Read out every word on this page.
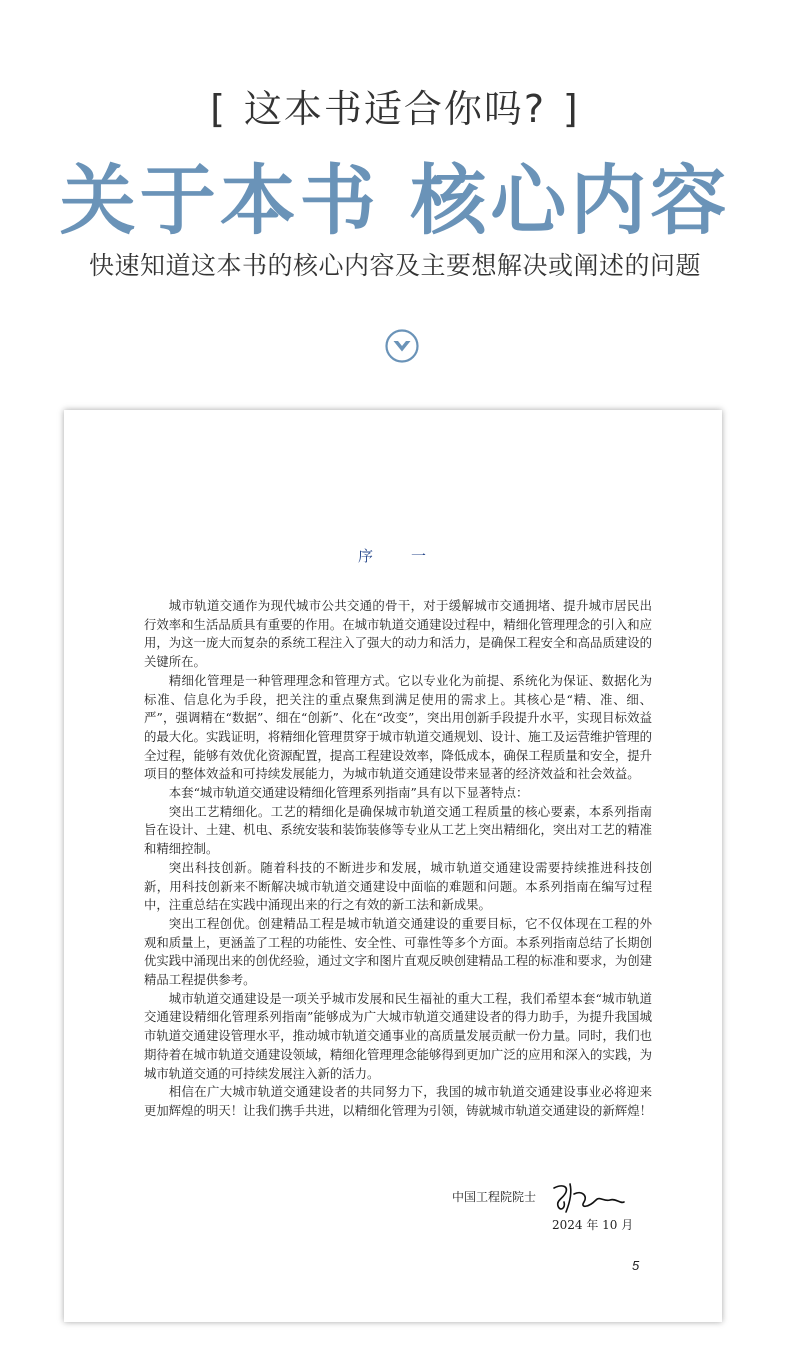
[ 这本书适合你吗? ]
关于本书 核心内容
快速知道这本书的核心内容及主要想解决或阐述的问题
序 一

城市轨道交通作为现代城市公共交通的骨干，对于缓解城市交通拥堵、提升城市居民出行效率和生活品质具有重要的作用。在城市轨道交通建设过程中，精细化管理理念的引入和应用，为这一庞大而复杂的系统工程注入了强大的动力和活力，是确保工程安全和高品质建设的关键所在。

精细化管理是一种管理理念和管理方式。它以专业化为前提、系统化为保证、数据化为标准、信息化为手段，把关注的重点聚焦到满足使用的需求上。其核心是“精、准、细、严”，强调精在“数据”、细在“创新”、化在“改变”，突出用创新手段提升水平，实现目标效益的最大化。实践证明，将精细化管理贯穿于城市轨道交通规划、设计、施工及运营维护管理的全过程，能够有效优化资源配置，提高工程建设效率，降低成本，确保工程质量和安全，提升项目的整体效益和可持续发展能力，为城市轨道交通建设带来显著的经济效益和社会效益。

本套“城市轨道交通建设精细化管理系列指南”具有以下显著特点：

突出工艺精细化。工艺的精细化是确保城市轨道交通工程质量的核心要素，本系列指南旨在设计、土建、机电、系统安装和装饰装修等专业从工艺上突出精细化，突出对工艺的精准和精细控制。

突出科技创新。随着科技的不断进步和发展，城市轨道交通建设需要持续推进科技创新，用科技创新来不断解决城市轨道交通建设中面临的难题和问题。本系列指南在编写过程中，注重总结在实践中涌现出来的行之有效的新工法和新成果。

突出工程创优。创建精品工程是城市轨道交通建设的重要目标，它不仅体现在工程的外观和质量上，更涵盖了工程的功能性、安全性、可靠性等多个方面。本系列指南总结了长期创优实践中涌现出来的创优经验，通过文字和图片直观反映创建精品工程的标准和要求，为创建精品工程提供参考。

城市轨道交通建设是一项关乎城市发展和民生福祉的重大工程，我们希望本套“城市轨道交通建设精细化管理系列指南”能够成为广大城市轨道交通建设者的得力助手，为提升我国城市轨道交通建设管理水平，推动城市轨道交通事业的高质量发展贡献一份力量。同时，我们也期待着在城市轨道交通建设领域，精细化管理理念能够得到更加广泛的应用和深入的实践，为城市轨道交通的可持续发展注入新的活力。

相信在广大城市轨道交通建设者的共同努力下，我国的城市轨道交通建设事业必将迎来更加辉煌的明天！让我们携手共进，以精细化管理为引领，铸就城市轨道交通建设的新辉煌！

中国工程院院士
2024 年 10 月
5
